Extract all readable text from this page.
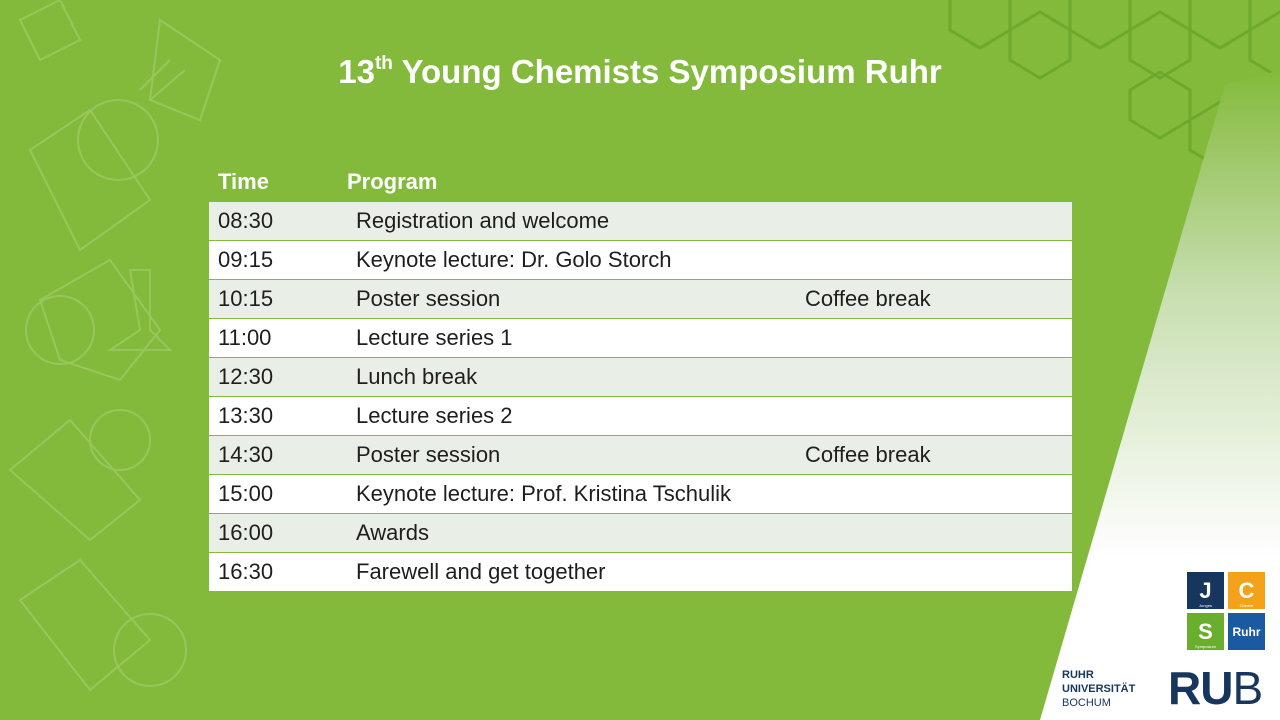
13th Young Chemists Symposium Ruhr
Time	Program
08:30	Registration and welcome
09:15	Keynote lecture: Dr. Golo Storch
10:15	Poster session	Coffee break
11:00	Lecture series 1
12:30	Lunch break
13:30	Lecture series 2
14:30	Poster session	Coffee break
15:00	Keynote lecture: Prof. Kristina Tschulik
16:00	Awards
16:30	Farewell and get together
J
Junges
C
Chemie
S
Symposium
Ruhr
RUHR
UNIVERSITÄT
BOCHUM	RUB
